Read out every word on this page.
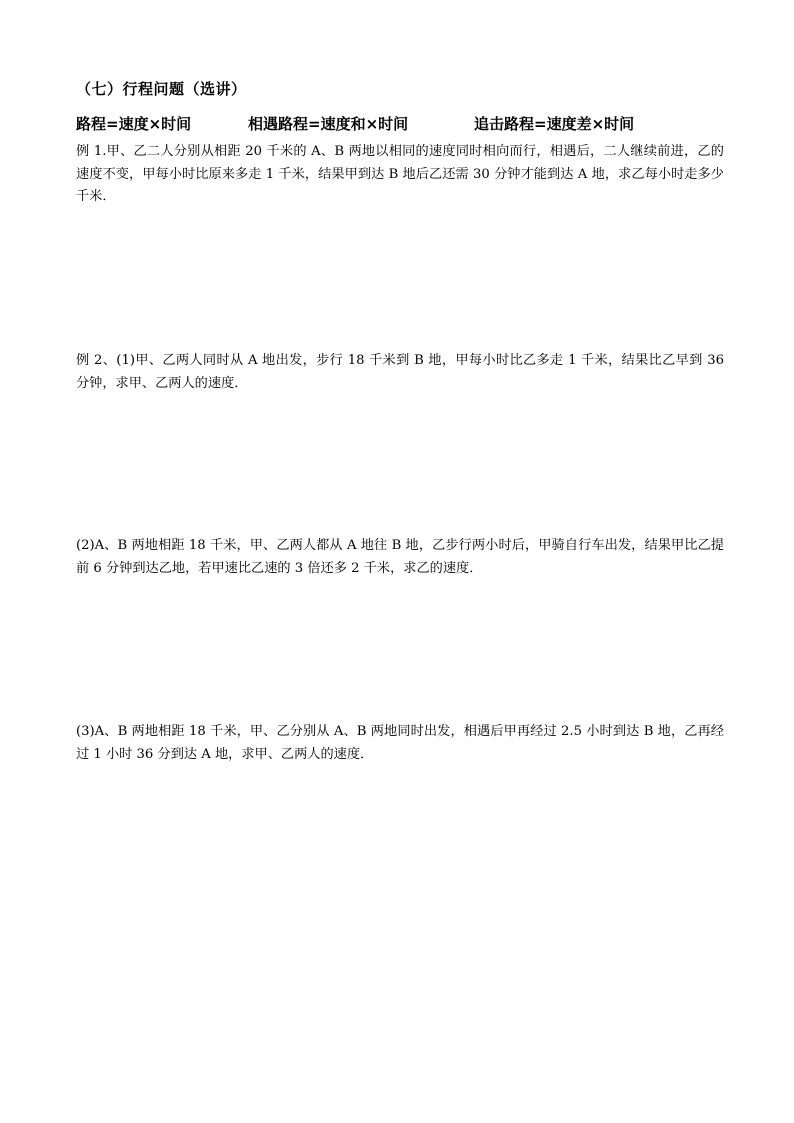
（七）行程问题（选讲）
路程=速度×时间	相遇路程=速度和×时间	追击路程=速度差×时间
例 1.甲、乙二人分别从相距 20 千米的 A、B 两地以相同的速度同时相向而行，相遇后，二人继续前进，乙的速度不变，甲每小时比原来多走 1 千米，结果甲到达 B 地后乙还需 30 分钟才能到达 A 地，求乙每小时走多少千米．
例 2、(1)甲、乙两人同时从 A 地出发，步行 18 千米到 B 地，甲每小时比乙多走 1 千米，结果比乙早到 36 分钟，求甲、乙两人的速度．
(2)A、B 两地相距 18 千米，甲、乙两人都从 A 地往 B 地，乙步行两小时后，甲骑自行车出发，结果甲比乙提前 6 分钟到达乙地，若甲速比乙速的 3 倍还多 2 千米，求乙的速度．
(3)A、B 两地相距 18 千米，甲、乙分别从 A、B 两地同时出发，相遇后甲再经过 2.5 小时到达 B 地，乙再经过 1 小时 36 分到达 A 地，求甲、乙两人的速度．
